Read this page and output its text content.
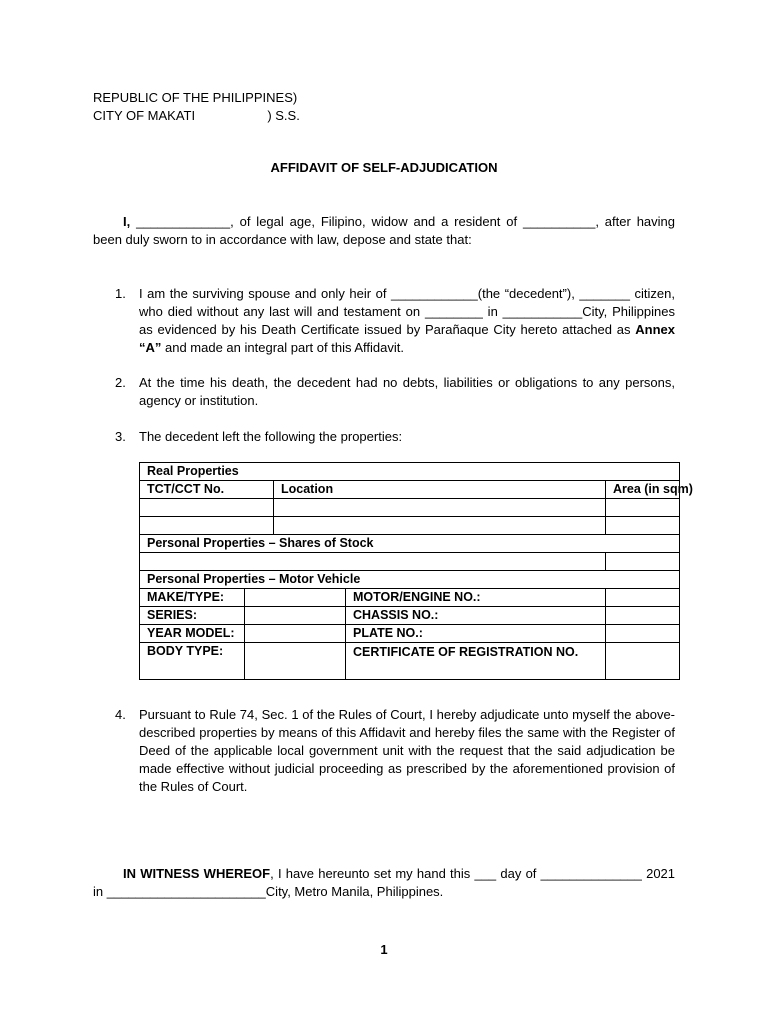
REPUBLIC OF THE PHILIPPINES)
CITY OF MAKATI                    ) S.S.
AFFIDAVIT OF SELF-ADJUDICATION
I, _____________, of legal age, Filipino, widow and a resident of __________, after having been duly sworn to in accordance with law, depose and state that:
1. I am the surviving spouse and only heir of ____________(the “decedent”), _______ citizen, who died without any last will and testament on ________ in ___________City, Philippines as evidenced by his Death Certificate issued by Parañaque City hereto attached as Annex “A” and made an integral part of this Affidavit.
2. At the time his death, the decedent had no debts, liabilities or obligations to any persons, agency or institution.
3. The decedent left the following the properties:
Real Properties				
TCT/CCT No.		Location		Area (in sqm)

Personal Properties – Shares of Stock				

Personal Properties – Motor Vehicle				
MAKE/TYPE:			MOTOR/ENGINE NO.:	
SERIES:			CHASSIS NO.:	
YEAR MODEL:			PLATE NO.:	
BODY TYPE:			CERTIFICATE OF REGISTRATION NO.	
4. Pursuant to Rule 74, Sec. 1 of the Rules of Court, I hereby adjudicate unto myself the above-described properties by means of this Affidavit and hereby files the same with the Register of Deed of the applicable local government unit with the request that the said adjudication be made effective without judicial proceeding as prescribed by the aforementioned provision of the Rules of Court.
IN WITNESS WHEREOF, I have hereunto set my hand this ___ day of ______________ 2021 in ______________________City, Metro Manila, Philippines.
1
